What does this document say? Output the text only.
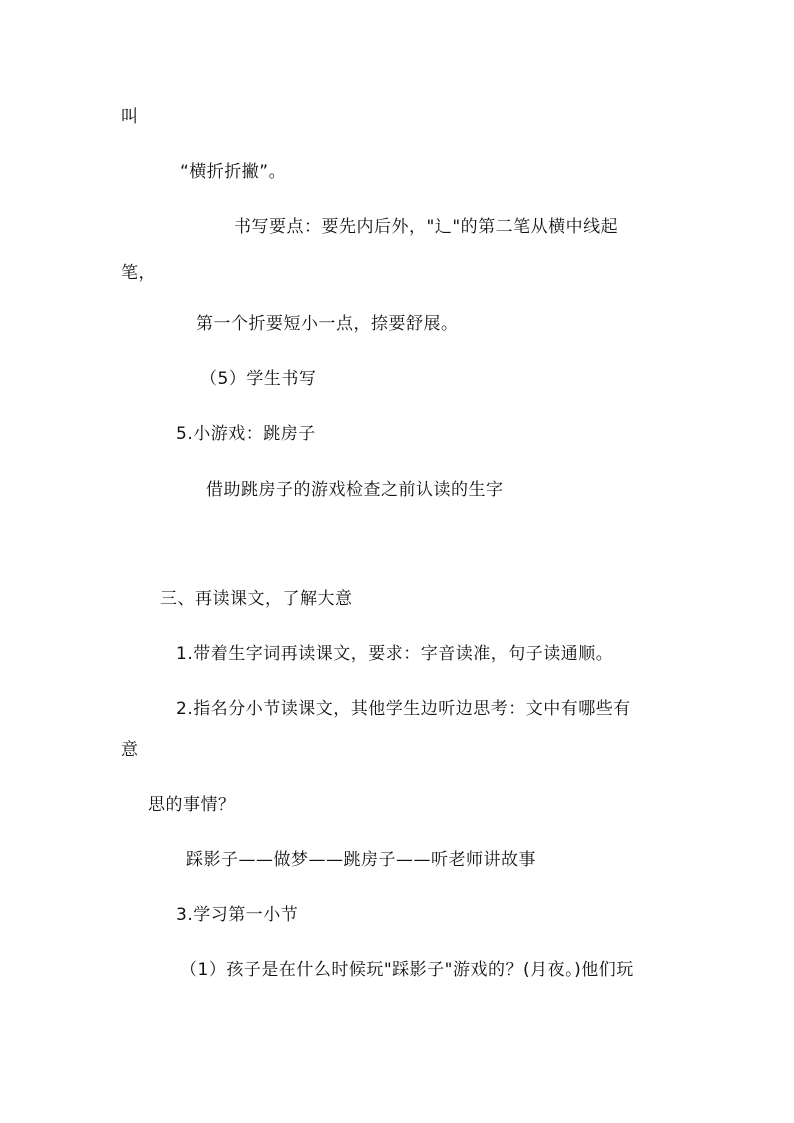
叫
“横折折撇”。
书写要点：要先内后外，"辶"的第二笔从横中线起
笔，
第一个折要短小一点，捺要舒展。
（5）学生书写
5.小游戏：跳房子
借助跳房子的游戏检查之前认读的生字
三、再读课文，了解大意
1.带着生字词再读课文，要求：字音读准，句子读通顺。
2.指名分小节读课文，其他学生边听边思考：文中有哪些有
意
思的事情？
踩影子——做梦——跳房子——听老师讲故事
3.学习第一小节
（1）孩子是在什么时候玩"踩影子"游戏的？(月夜。)他们玩
